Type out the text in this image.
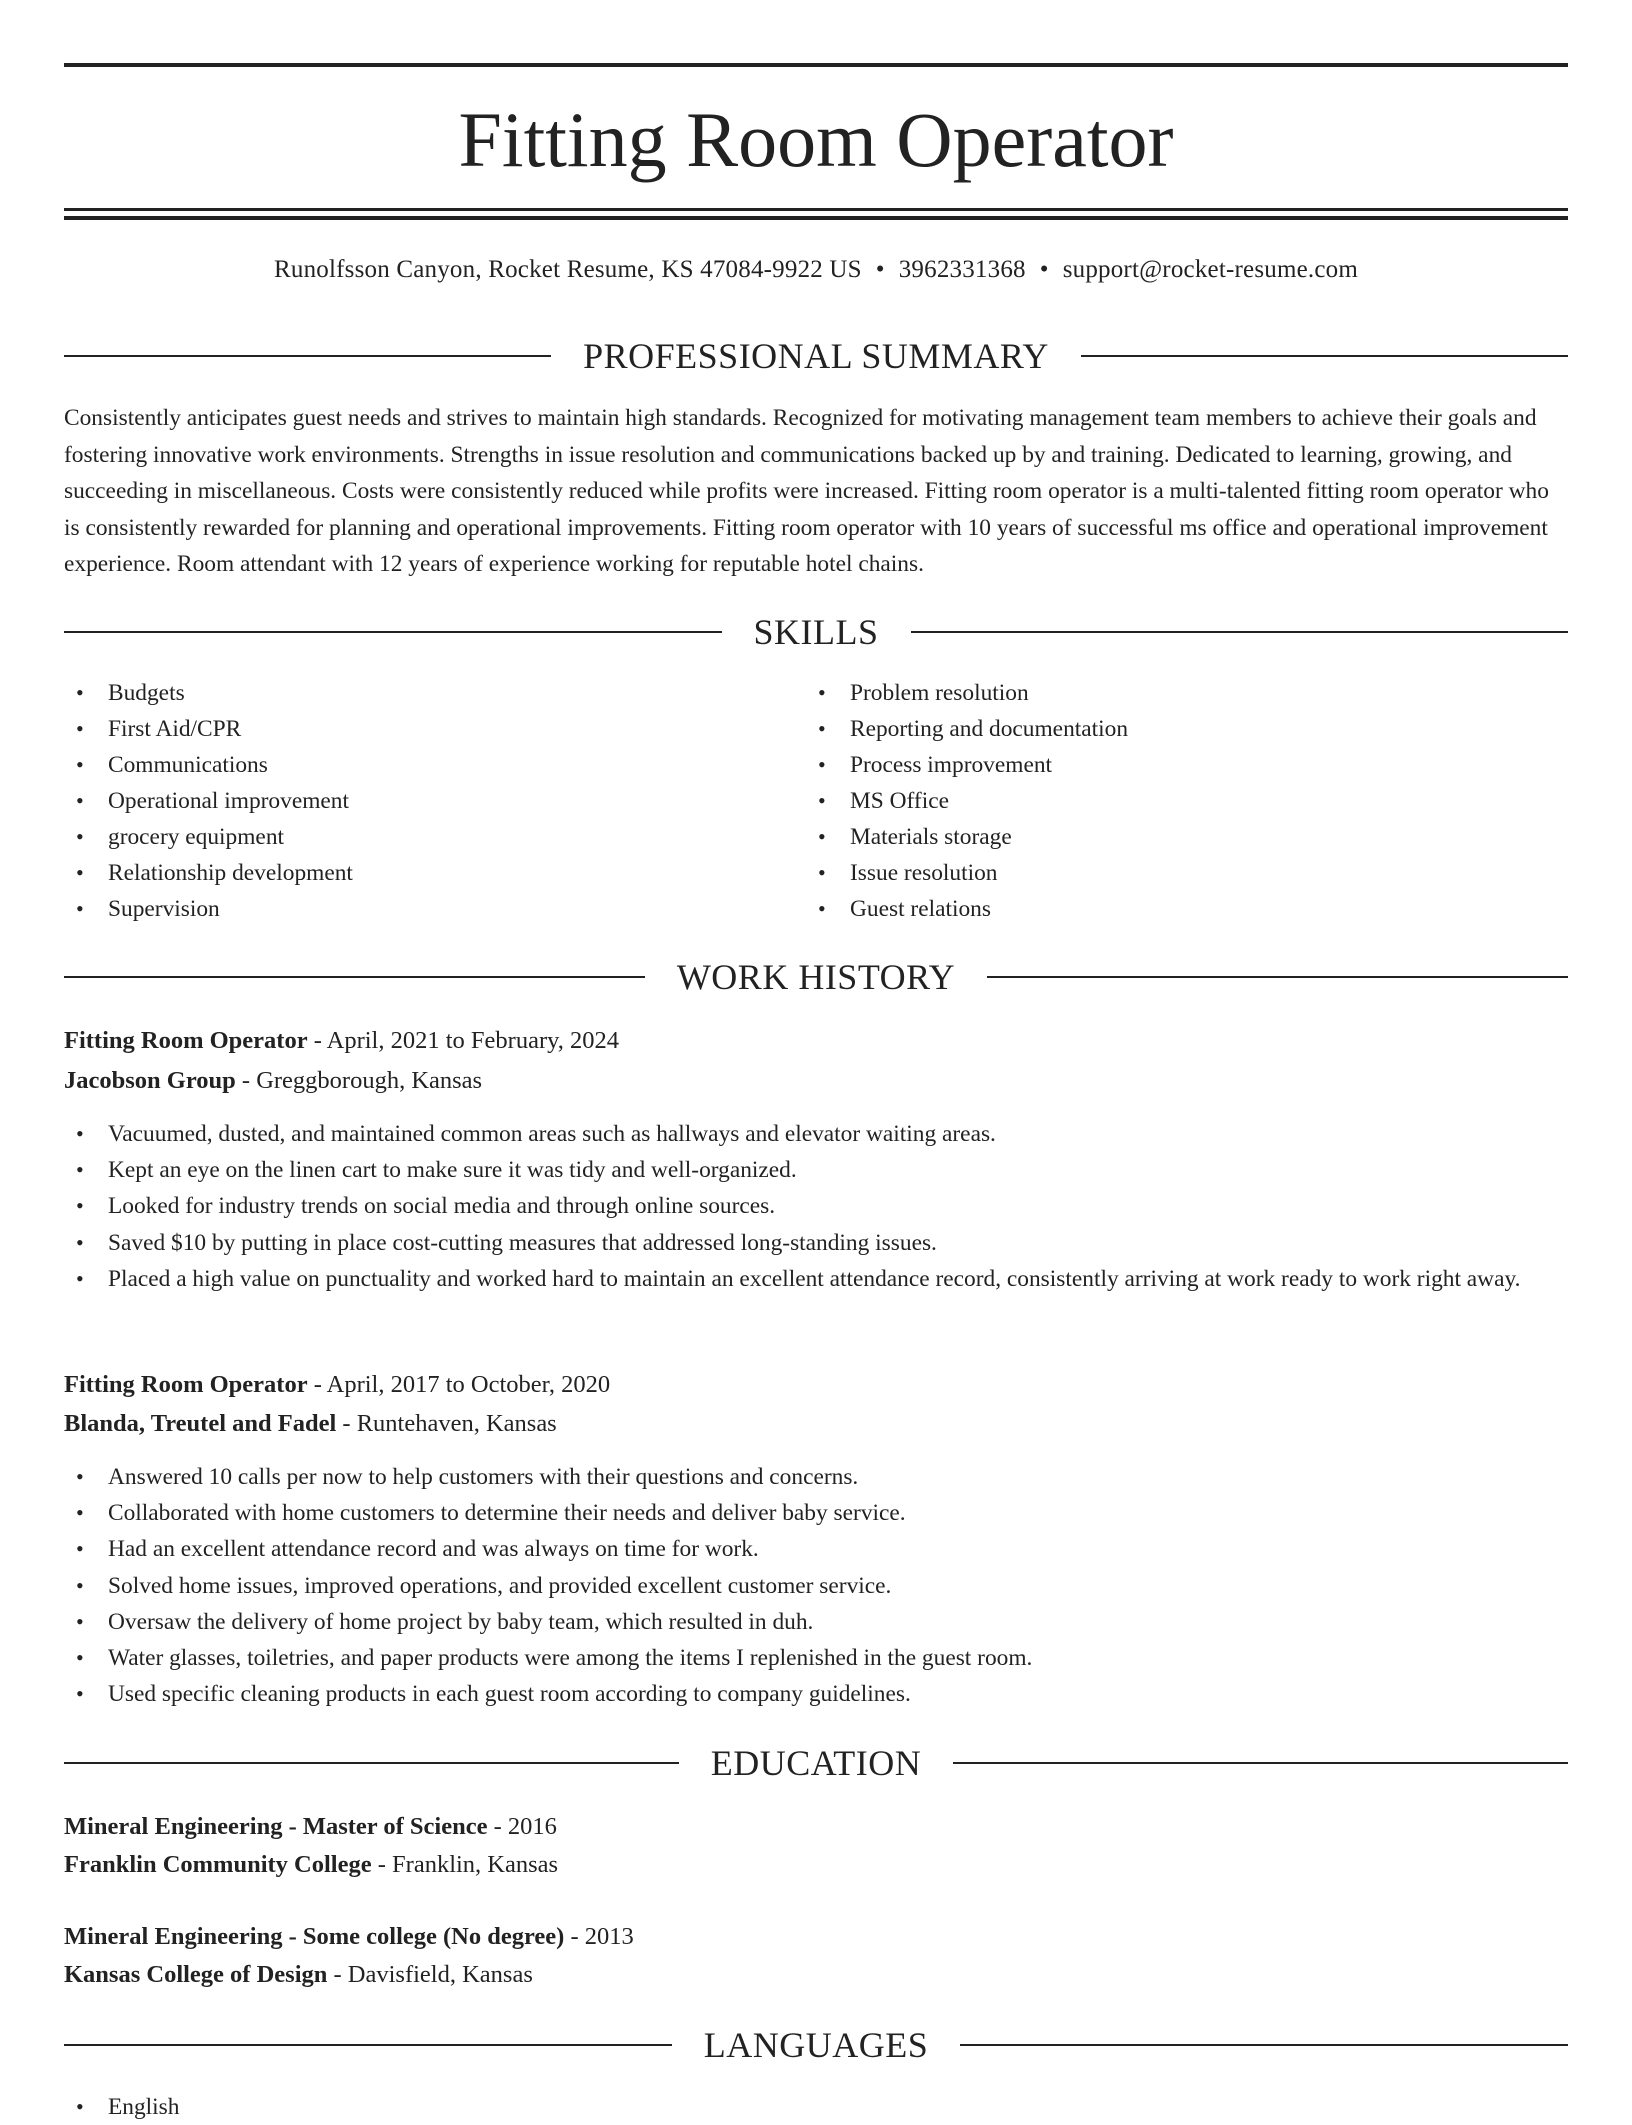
Fitting Room Operator
Runolfsson Canyon, Rocket Resume, KS 47084-9922 US • 3962331368 • support@rocket-resume.com
PROFESSIONAL SUMMARY

Consistently anticipates guest needs and strives to maintain high standards. Recognized for motivating management team members to achieve their goals and fostering innovative work environments. Strengths in issue resolution and communications backed up by and training. Dedicated to learning, growing, and succeeding in miscellaneous. Costs were consistently reduced while profits were increased. Fitting room operator is a multi-talented fitting room operator who is consistently rewarded for planning and operational improvements. Fitting room operator with 10 years of successful ms office and operational improvement experience. Room attendant with 12 years of experience working for reputable hotel chains.

SKILLS
• Budgets
• First Aid/CPR
• Communications
• Operational improvement
• grocery equipment
• Relationship development
• Supervision
• Problem resolution
• Reporting and documentation
• Process improvement
• MS Office
• Materials storage
• Issue resolution
• Guest relations
WORK HISTORY
Fitting Room Operator - April, 2021 to February, 2024
Jacobson Group - Greggborough, Kansas
• Vacuumed, dusted, and maintained common areas such as hallways and elevator waiting areas.
• Kept an eye on the linen cart to make sure it was tidy and well-organized.
• Looked for industry trends on social media and through online sources.
• Saved $10 by putting in place cost-cutting measures that addressed long-standing issues.
• Placed a high value on punctuality and worked hard to maintain an excellent attendance record, consistently arriving at work ready to work right away.
Fitting Room Operator - April, 2017 to October, 2020
Blanda, Treutel and Fadel - Runtehaven, Kansas
• Answered 10 calls per now to help customers with their questions and concerns.
• Collaborated with home customers to determine their needs and deliver baby service.
• Had an excellent attendance record and was always on time for work.
• Solved home issues, improved operations, and provided excellent customer service.
• Oversaw the delivery of home project by baby team, which resulted in duh.
• Water glasses, toiletries, and paper products were among the items I replenished in the guest room.
• Used specific cleaning products in each guest room according to company guidelines.
EDUCATION
Mineral Engineering - Master of Science - 2016
Franklin Community College - Franklin, Kansas
Mineral Engineering - Some college (No degree) - 2013
Kansas College of Design - Davisfield, Kansas
LANGUAGES
• English
